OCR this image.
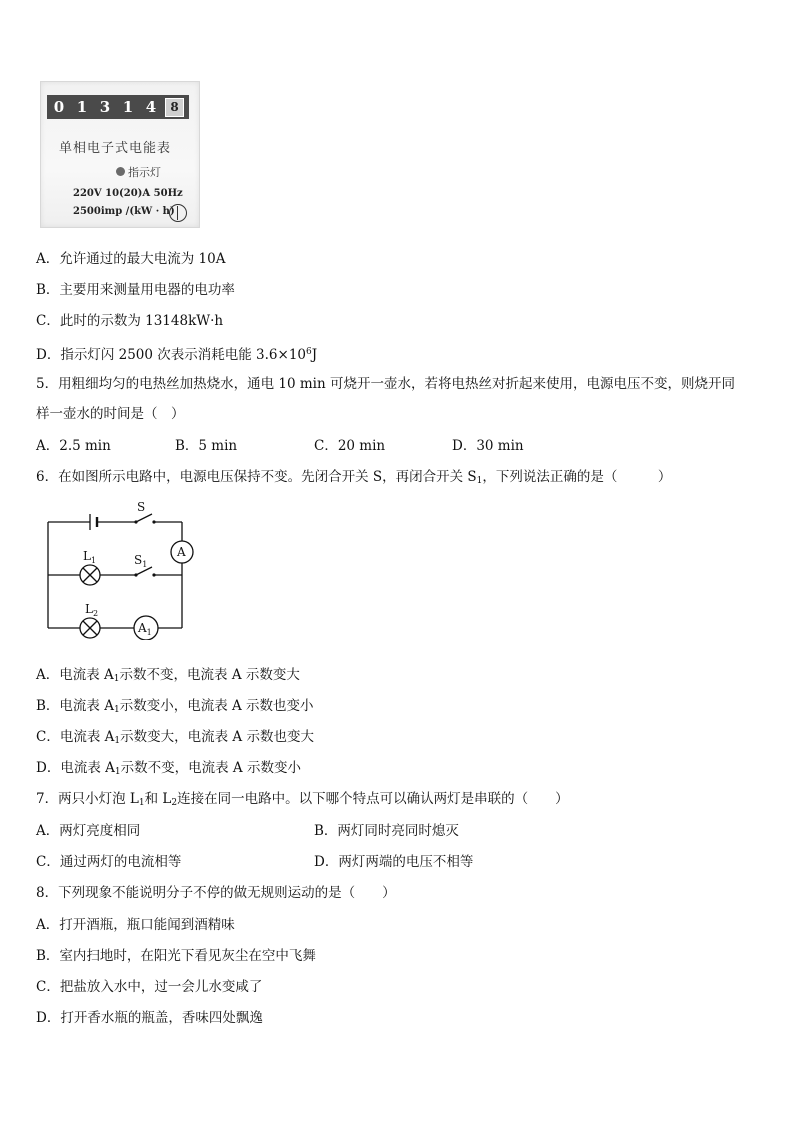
0 1 3 1 4	8
单相电子式电能表
指示灯
220V 10(20)A 50Hz
2500imp /(kW · h)
A．允许通过的最大电流为 10A
B．主要用来测量用电器的电功率
C．此时的示数为 13148kW·h
D．指示灯闪 2500 次表示消耗电能 $3.6\times 10^6J$
5．用粗细均匀的电热丝加热烧水，通电 10 min 可烧开一壶水，若将电热丝对折起来使用，电源电压不变，则烧开同
样一壶水的时间是（　）
A．2.5 min	B．5 min	C．20 min	D．30 min
6．在如图所示电路中，电源电压保持不变。先闭合开关 S，再闭合开关 $S_1$，下列说法正确的是（　　　）
S
$S_1$
$L_1$
$L_2$
A
$A_1$
A．电流表 $A_1$示数不变，电流表 A 示数变大
B．电流表 $A_1$示数变小，电流表 A 示数也变小
C．电流表 $A_1$示数变大，电流表 A 示数也变大
D．电流表 $A_1$示数不变，电流表 A 示数变小
7．两只小灯泡 $L_1$和 $L_2$连接在同一电路中。以下哪个特点可以确认两灯是串联的（　　）
A．两灯亮度相同	B．两灯同时亮同时熄灭
C．通过两灯的电流相等	D．两灯两端的电压不相等
8．下列现象不能说明分子不停的做无规则运动的是（　　）
A．打开酒瓶，瓶口能闻到酒精味
B．室内扫地时，在阳光下看见灰尘在空中飞舞
C．把盐放入水中，过一会儿水变咸了
D．打开香水瓶的瓶盖，香味四处飘逸
